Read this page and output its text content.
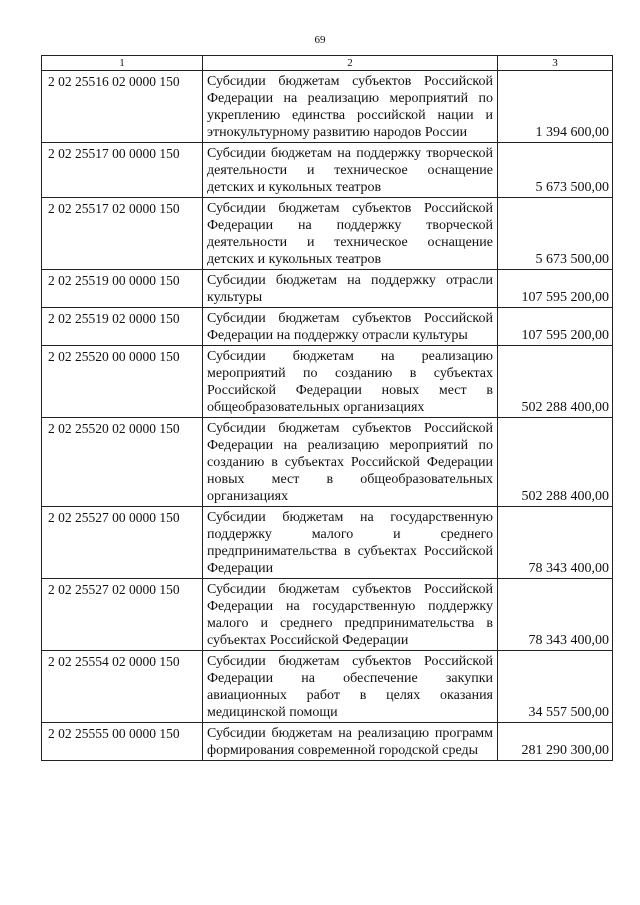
69
1	2	3
2 02 25516 02 0000 150	Субсидии бюджетам субъектов Российской Федерации на реализацию мероприятий по укреплению единства российской нации и этнокультурному развитию народов России	1 394 600,00
2 02 25517 00 0000 150	Субсидии бюджетам на поддержку творческой деятельности и техническое оснащение детских и кукольных театров	5 673 500,00
2 02 25517 02 0000 150	Субсидии бюджетам субъектов Российской Федерации на поддержку творческой деятельности и техническое оснащение детских и кукольных театров	5 673 500,00
2 02 25519 00 0000 150	Субсидии бюджетам на поддержку отрасли культуры	107 595 200,00
2 02 25519 02 0000 150	Субсидии бюджетам субъектов Российской Федерации на поддержку отрасли культуры	107 595 200,00
2 02 25520 00 0000 150	Субсидии бюджетам на реализацию мероприятий по созданию в субъектах Российской Федерации новых мест в общеобразовательных организациях	502 288 400,00
2 02 25520 02 0000 150	Субсидии бюджетам субъектов Российской Федерации на реализацию мероприятий по созданию в субъектах Российской Федерации новых мест в общеобразовательных организациях	502 288 400,00
2 02 25527 00 0000 150	Субсидии бюджетам на государственную поддержку малого и среднего предпринимательства в субъектах Российской Федерации	78 343 400,00
2 02 25527 02 0000 150	Субсидии бюджетам субъектов Российской Федерации на государственную поддержку малого и среднего предпринимательства в субъектах Российской Федерации	78 343 400,00
2 02 25554 02 0000 150	Субсидии бюджетам субъектов Российской Федерации на обеспечение закупки авиационных работ в целях оказания медицинской помощи	34 557 500,00
2 02 25555 00 0000 150	Субсидии бюджетам на реализацию программ формирования современной городской среды	281 290 300,00
